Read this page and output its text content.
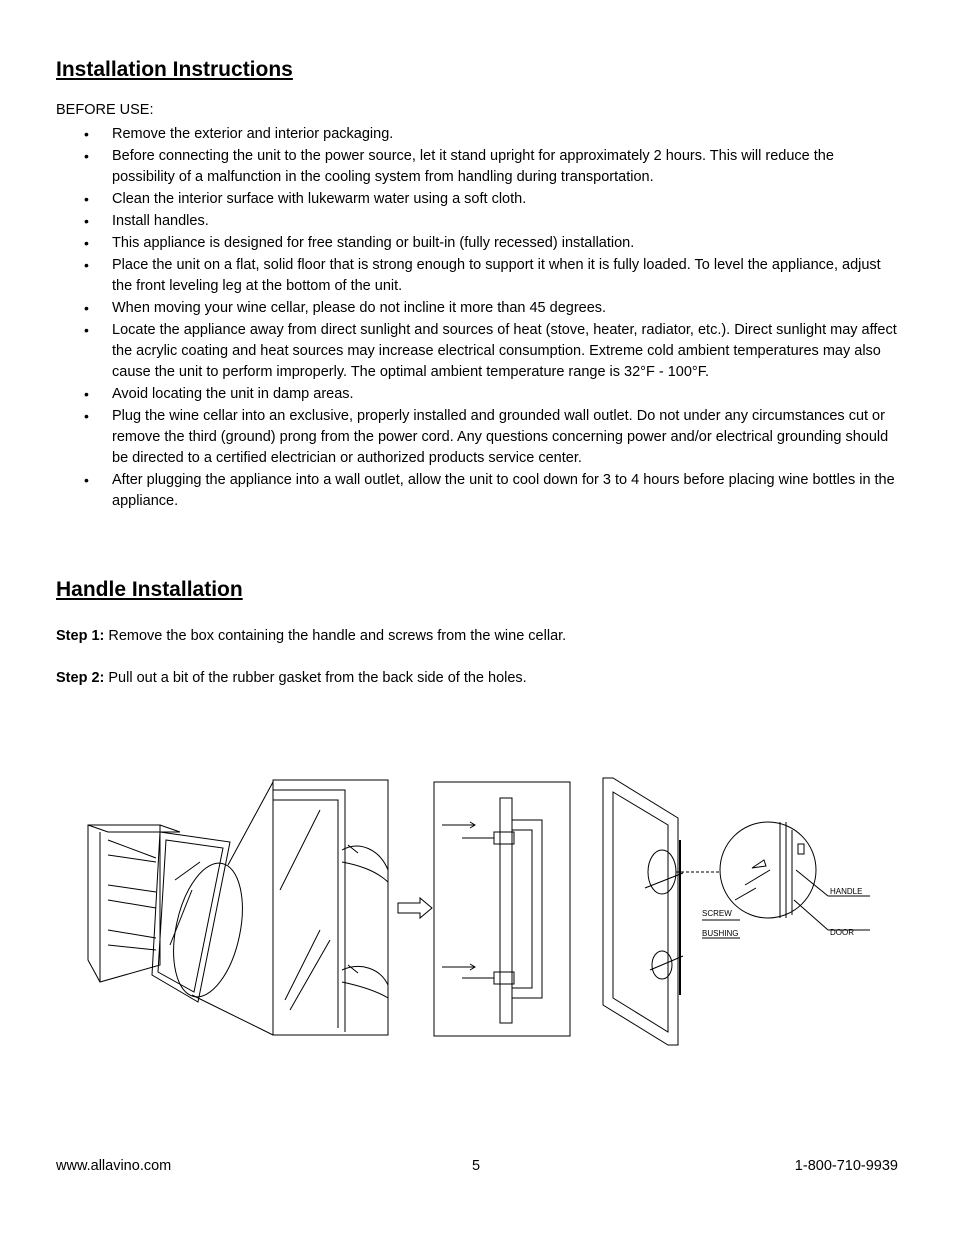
Installation Instructions
BEFORE USE:
• Remove the exterior and interior packaging.
• Before connecting the unit to the power source, let it stand upright for approximately 2 hours. This will reduce the possibility of a malfunction in the cooling system from handling during transportation.
• Clean the interior surface with lukewarm water using a soft cloth.
• Install handles.
• This appliance is designed for free standing or built-in (fully recessed) installation.
• Place the unit on a flat, solid floor that is strong enough to support it when it is fully loaded. To level the appliance, adjust the front leveling leg at the bottom of the unit.
• When moving your wine cellar, please do not incline it more than 45 degrees.
• Locate the appliance away from direct sunlight and sources of heat (stove, heater, radiator, etc.). Direct sunlight may affect the acrylic coating and heat sources may increase electrical consumption. Extreme cold ambient temperatures may also cause the unit to perform improperly. The optimal ambient temperature range is 32°F - 100°F.
• Avoid locating the unit in damp areas.
• Plug the wine cellar into an exclusive, properly installed and grounded wall outlet. Do not under any circumstances cut or remove the third (ground) prong from the power cord. Any questions concerning power and/or electrical grounding should be directed to a certified electrician or authorized products service center.
• After plugging the appliance into a wall outlet, allow the unit to cool down for 3 to 4 hours before placing wine bottles in the appliance.
Handle Installation
Step 1: Remove the box containing the handle and screws from the wine cellar.
Step 2: Pull out a bit of the rubber gasket from the back side of the holes.
HANDLE
DOOR
SCREW
BUSHING
www.allavino.com	5	1-800-710-9939
